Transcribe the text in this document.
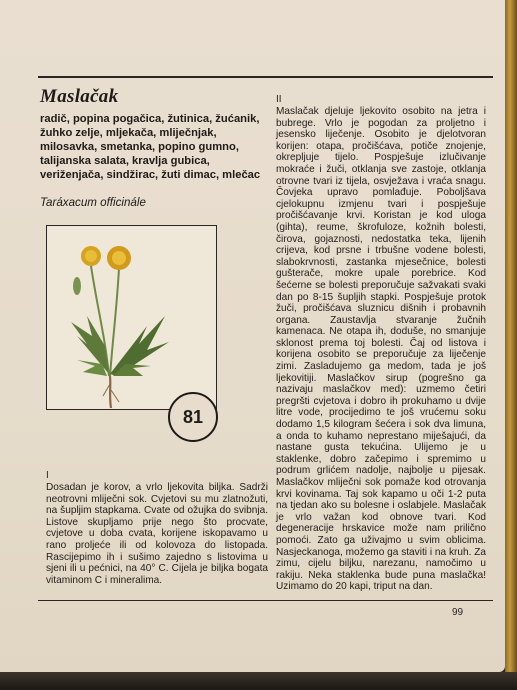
Maslačak
radič, popina pogačica, žutinica, žućanik, žuhko zelje, mljekača, mliječnjak, milosavka, smetanka, popino gumno, talijanska salata, kravlja gubica, veriženjača, sindžirac, žuti dimac, mlečac
Taráxacum officinále
81
I

Dosadan je korov, a vrlo ljekovita biljka. Sadrži neotrovni mliječni sok. Cvjetovi su mu zlatnožuti, na šupljim stapkama. Cvate od ožujka do svibnja. Listove skupljamo prije nego što procvate, cvjetove u doba cvata, korijene iskopavamo u rano proljeće ili od kolovoza do listopada. Rascijepimo ih i sušimo zajedno s listovima u sjeni ili u pećnici, na 40° C. Cijela je biljka bogata vitaminom C i mineralima.

II

Maslačak djeluje ljekovito osobito na jetra i bubrege. Vrlo je pogodan za proljetno i jesensko liječenje. Osobito je djelotvoran korijen: otapa, pročišćava, potiče znojenje, okrepljuje tijelo. Pospješuje izlučivanje mokraće i žuči, otklanja sve zastoje, otklanja otrovne tvari iz tijela, osvježava i vraća snagu. Čovjeka upravo pomlađuje. Poboljšava cjelokupnu izmjenu tvari i pospješuje pročišćavanje krvi. Koristan je kod uloga (gihta), reume, škrofuloze, kožnih bolesti, čirova, gojaznosti, nedostatka teka, lijenih crijeva, kod prsne i trbušne vodene bolesti, slabokrvnosti, zastanka mjesečnice, bolesti gušterače, mokre upale porebrice. Kod šećerne se bolesti preporučuje sažvakati svaki dan po 8-15 šupljih stapki. Pospješuje protok žuči, pročišćava sluznicu dišnih i probavnih organa. Zaustavlja stvaranje žučnih kamenaca. Ne otapa ih, doduše, no smanjuje sklonost prema toj bolesti. Čaj od listova i korijena osobito se preporučuje za liječenje zimi. Zasladujemo ga medom, tada je još ljekovitiji. Maslačkov sirup (pogrešno ga nazivaju maslačkov med): uzmemo četiri pregršti cvjetova i dobro ih prokuhamo u dvije litre vode, procijedimo te još vrućemu soku dodamo 1,5 kilogram šećera i sok dva limuna, a onda to kuhamo neprestano miješajući, da nastane gusta tekućina. Ulijemo je u staklenke, dobro začepimo i spremimo u podrum grlićem nadolje, najbolje u pijesak. Maslačkov mliječni sok pomaže kod otrovanja krvi kovinama. Taj sok kapamo u oči 1-2 puta na tjedan ako su bolesne i oslabjele. Maslačak je vrlo važan kod obnove tvari. Kod degeneracije hrskavice može nam prilično pomoći. Zato ga uživajmo u svim oblicima. Nasjeckanoga, možemo ga staviti i na kruh. Za zimu, cijelu biljku, narezanu, namočimo u rakiju. Neka staklenka bude puna maslačka! Uzimamo do 20 kapi, triput na dan.

99
